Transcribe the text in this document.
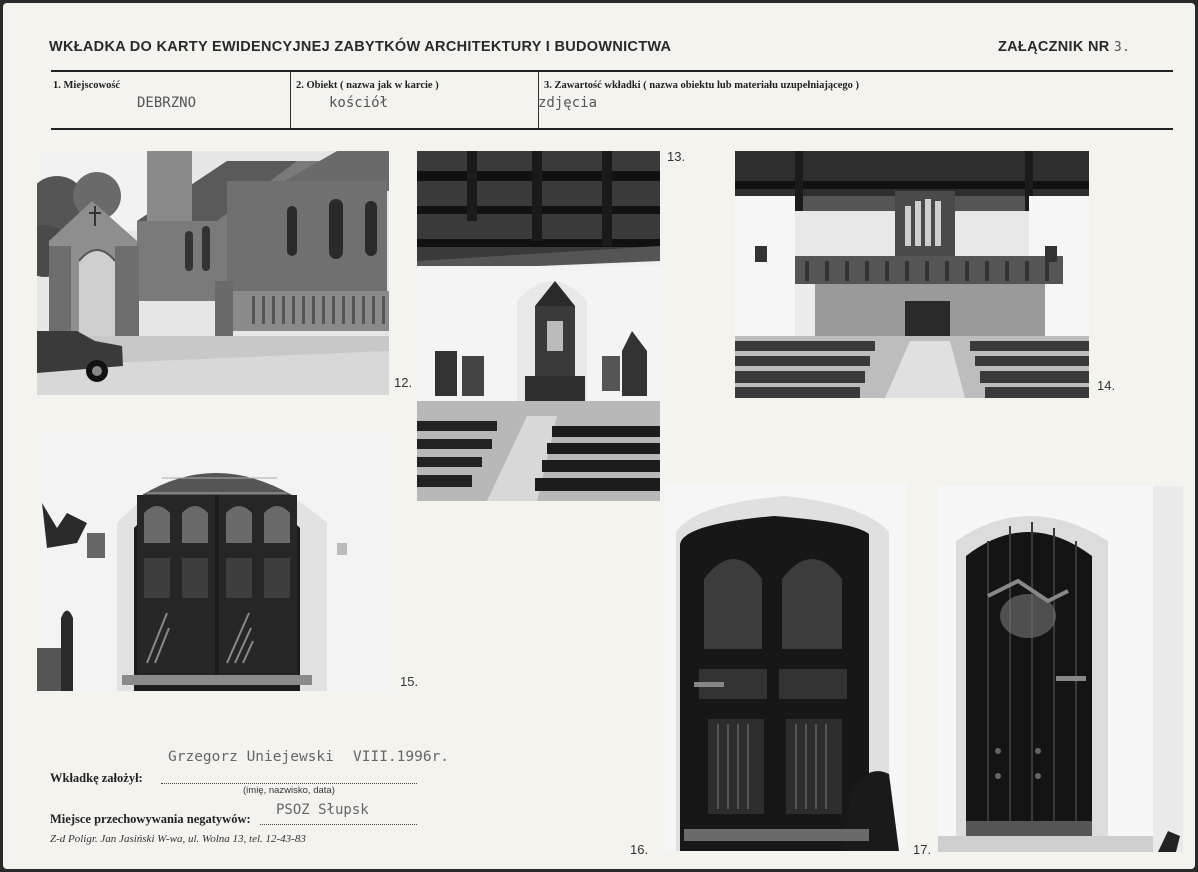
WKŁADKA DO KARTY EWIDENCYJNEJ ZABYTKÓW ARCHITEKTURY I BUDOWNICTWA	ZAŁĄCZNIK NR 3.
1. Miejscowość
DEBRZNO
2. Obiekt ( nazwa jak w karcie )
kościół
3. Zawartość wkładki ( nazwa obiektu lub materiału uzupełniającego )
zdjęcia
12.
13.
14.
15.
16.	17.
Grzegorz Uniejewski VIII.1996r.
Wkładkę założył:
(imię, nazwisko, data)
PSOZ Słupsk
Miejsce przechowywania negatywów:
Z-d Poligr. Jan Jasiński W-wa, ul. Wolna 13, tel. 12-43-83
